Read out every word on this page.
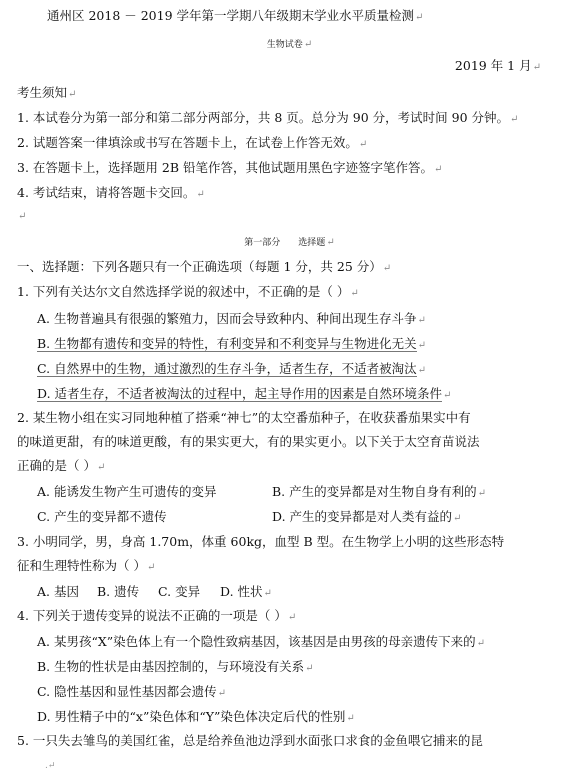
通州区 2018 － 2019 学年第一学期八年级期末学业水平质量检测↵
生物试卷↵
2019 年 1 月↵
考生须知↵
1. 本试卷分为第一部分和第二部分两部分，共 8 页。总分为 90 分，考试时间 90 分钟。↵
2. 试题答案一律填涂或书写在答题卡上，在试卷上作答无效。↵
3. 在答题卡上，选择题用 2B 铅笔作答，其他试题用黑色字迹签字笔作答。↵
4. 考试结束，请将答题卡交回。↵
↵
第一部分　　选择题↵
一、选择题：下列各题只有一个正确选项（每题 1 分，共 25 分）↵
1. 下列有关达尔文自然选择学说的叙述中，不正确的是（ ）↵
A. 生物普遍具有很强的繁殖力，因而会导致种内、种间出现生存斗争↵
B. 生物都有遗传和变异的特性，有利变异和不利变异与生物进化无关↵
C. 自然界中的生物，通过激烈的生存斗争，适者生存，不适者被淘汰↵
D. 适者生存，不适者被淘汰的过程中，起主导作用的因素是自然环境条件↵
2. 某生物小组在实习同地种植了搭乘“神七”的太空番茄种子，在收获番茄果实中有
的味道更甜，有的味道更酸，有的果实更大，有的果实更小。以下关于太空育苗说法
正确的是（ ）↵
A. 能诱发生物产生可遗传的变异	B. 产生的变异都是对生物自身有利的↵
C. 产生的变异都不遗传	D. 产生的变异都是对人类有益的↵
3. 小明同学，男，身高 1.70m，体重 60kg，血型 B 型。在生物学上小明的这些形态特
征和生理特性称为（ ）↵
A. 基因 B. 遗传 C. 变异 D. 性状↵
4. 下列关于遗传变异的说法不正确的一项是（ ）↵
A. 某男孩“X”染色体上有一个隐性致病基因，该基因是由男孩的母亲遗传下来的↵
B. 生物的性状是由基因控制的，与环境没有关系↵
C. 隐性基因和显性基因都会遗传↵
D. 男性精子中的“x”染色体和“Y”染色体决定后代的性别↵
5. 一只失去雏鸟的美国红雀，总是给养鱼池边浮到水面张口求食的金鱼喂它捕来的昆
.↵
